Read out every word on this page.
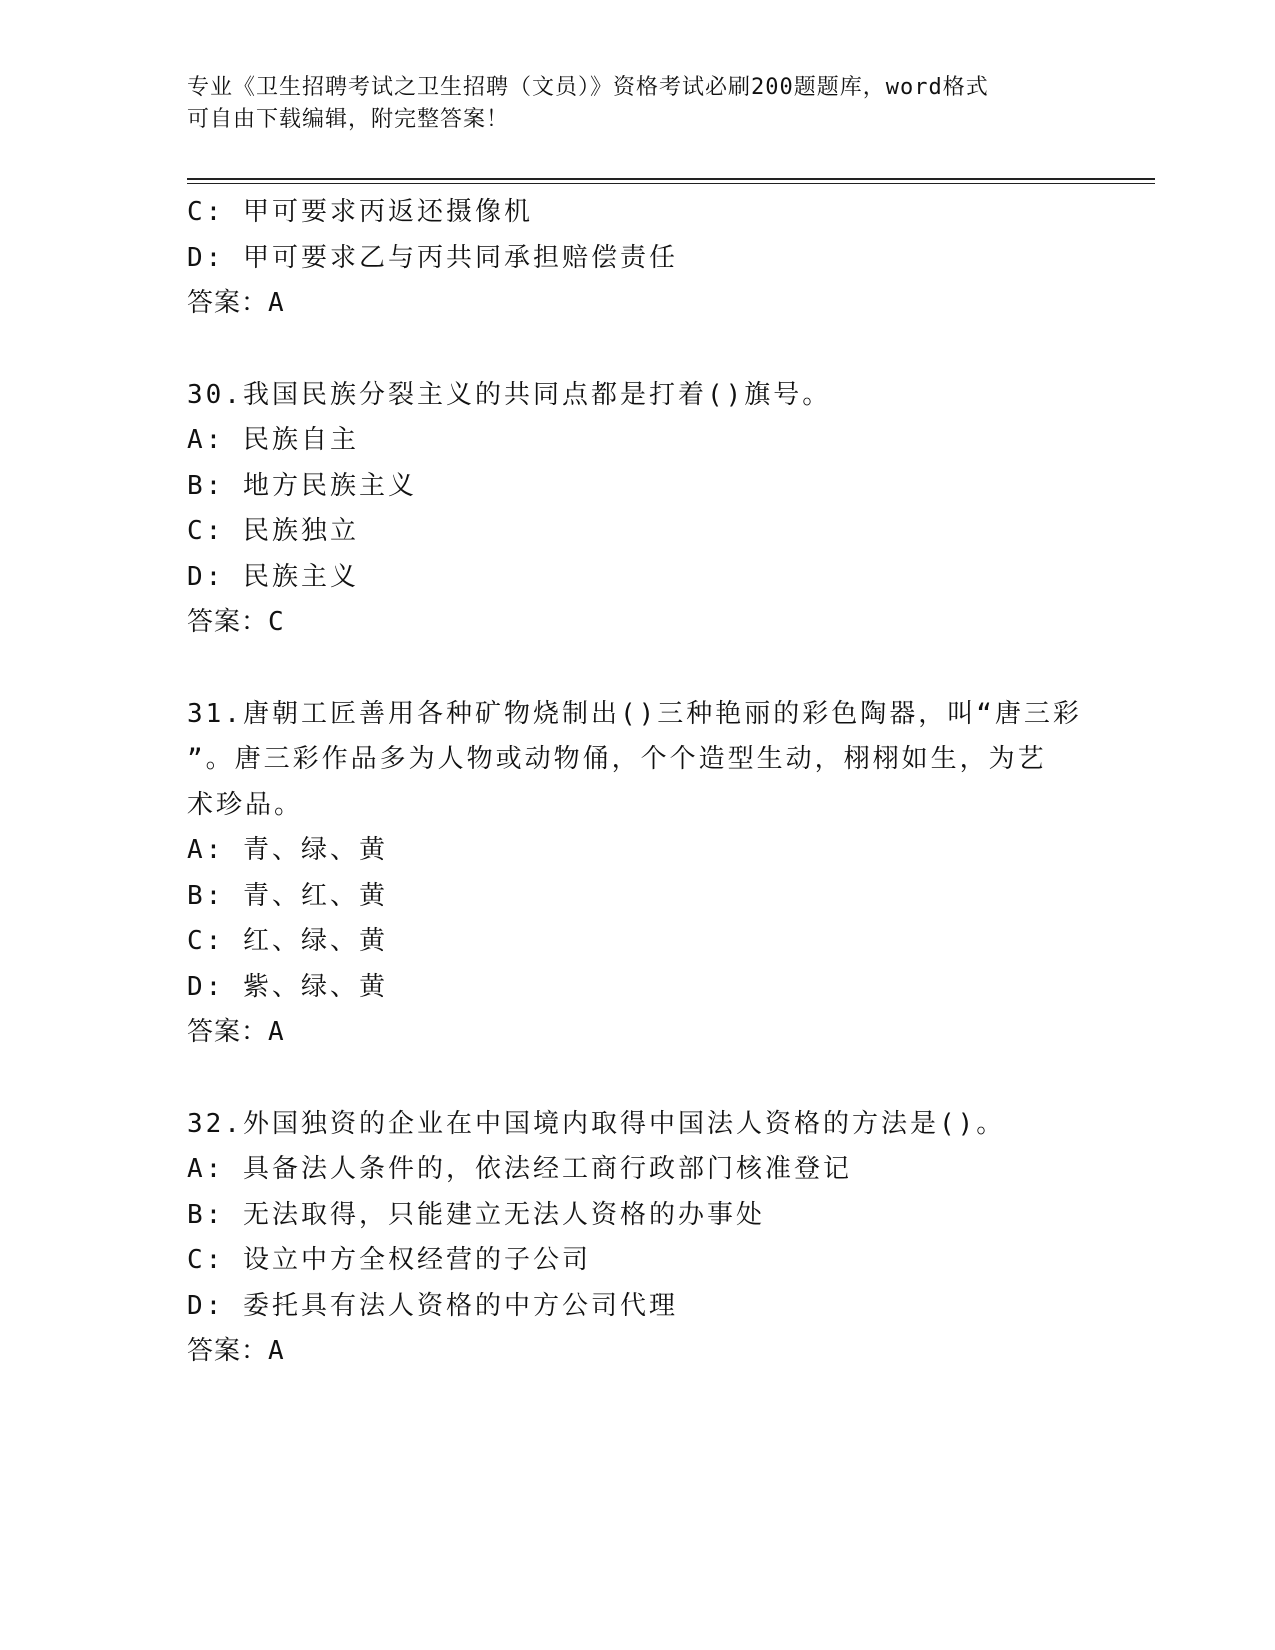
专业《卫生招聘考试之卫生招聘（文员）》资格考试必刷200题题库，word格式
可自由下载编辑，附完整答案！
C: 甲可要求丙返还摄像机
D: 甲可要求乙与丙共同承担赔偿责任
答案：A
30.我国民族分裂主义的共同点都是打着()旗号。
A: 民族自主
B: 地方民族主义
C: 民族独立
D: 民族主义
答案：C
31.唐朝工匠善用各种矿物烧制出()三种艳丽的彩色陶器，叫“唐三彩
”。唐三彩作品多为人物或动物俑，个个造型生动，栩栩如生，为艺
术珍品。
A: 青、绿、黄
B: 青、红、黄
C: 红、绿、黄
D: 紫、绿、黄
答案：A
32.外国独资的企业在中国境内取得中国法人资格的方法是()。
A: 具备法人条件的，依法经工商行政部门核准登记
B: 无法取得，只能建立无法人资格的办事处
C: 设立中方全权经营的子公司
D: 委托具有法人资格的中方公司代理
答案：A
